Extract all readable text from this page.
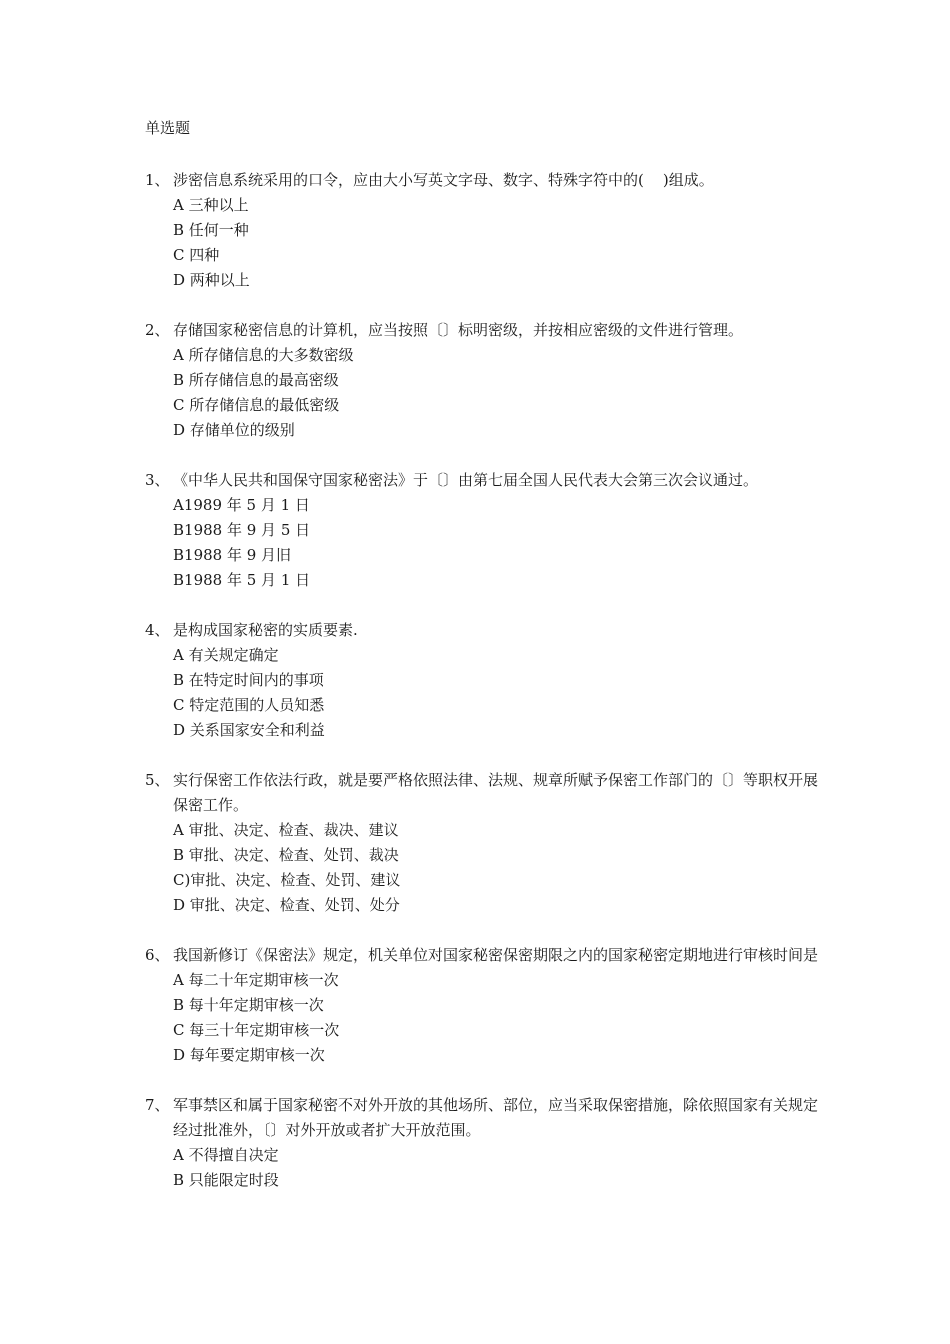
单选题
1、 涉密信息系统采用的口令，应由大小写英文字母、数字、特殊字符中的(    )组成。
A 三种以上
B 任何一种
C 四种
D 两种以上
2、 存储国家秘密信息的计算机，应当按照〔〕标明密级，并按相应密级的文件进行管理。
A 所存储信息的大多数密级
B 所存储信息的最高密级
C 所存储信息的最低密级
D 存储单位的级别
3、 《中华人民共和国保守国家秘密法》于〔〕由第七届全国人民代表大会第三次会议通过。
A1989 年 5 月 1 日
B1988 年 9 月 5 日
B1988 年 9 月旧
B1988 年 5 月 1 日
4、 是构成国家秘密的实质要素.
A 有关规定确定
B 在特定时间内的事项
C 特定范围的人员知悉
D 关系国家安全和利益
5、 实行保密工作依法行政，就是要严格依照法律、法规、规章所赋予保密工作部门的〔〕等职权开展保密工作。
A 审批、决定、检查、裁决、建议
B 审批、决定、检查、处罚、裁决
C)审批、决定、检查、处罚、建议
D 审批、决定、检查、处罚、处分
6、 我国新修订《保密法》规定，机关单位对国家秘密保密期限之内的国家秘密定期地进行审核时间是
A 每二十年定期审核一次
B 每十年定期审核一次
C 每三十年定期审核一次
D 每年要定期审核一次
7、 军事禁区和属于国家秘密不对外开放的其他场所、部位，应当采取保密措施，除依照国家有关规定经过批准外，〔〕对外开放或者扩大开放范围。
A 不得擅自决定
B 只能限定时段
